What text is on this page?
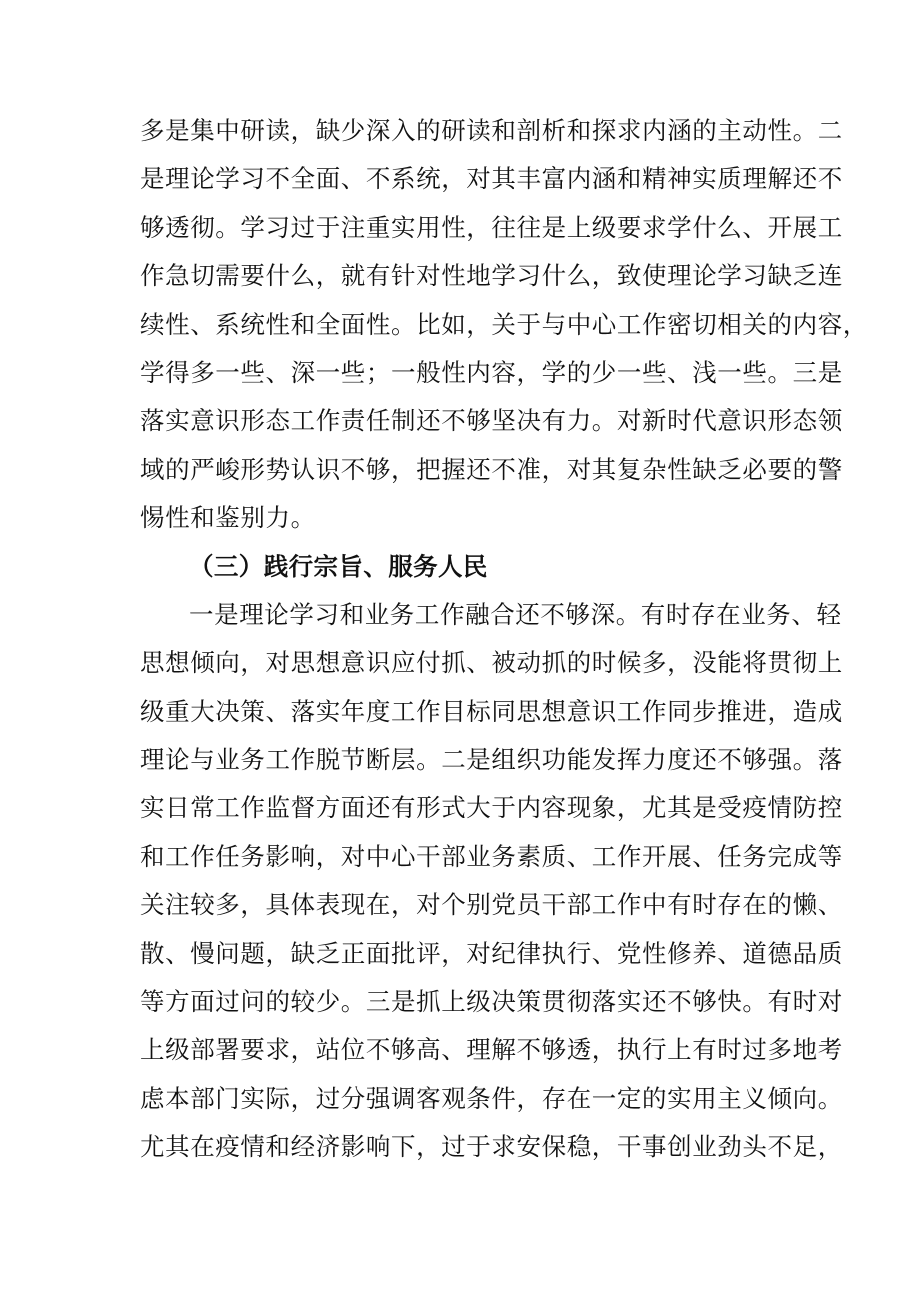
多是集中研读，缺少深入的研读和剖析和探求内涵的主动性。二
是理论学习不全面、不系统，对其丰富内涵和精神实质理解还不
够透彻。学习过于注重实用性，往往是上级要求学什么、开展工
作急切需要什么，就有针对性地学习什么，致使理论学习缺乏连
续性、系统性和全面性。比如，关于与中心工作密切相关的内容，
学得多一些、深一些；一般性内容，学的少一些、浅一些。三是
落实意识形态工作责任制还不够坚决有力。对新时代意识形态领
域的严峻形势认识不够，把握还不准，对其复杂性缺乏必要的警
惕性和鉴别力。
（三）践行宗旨、服务人民
一是理论学习和业务工作融合还不够深。有时存在业务、轻
思想倾向，对思想意识应付抓、被动抓的时候多，没能将贯彻上
级重大决策、落实年度工作目标同思想意识工作同步推进，造成
理论与业务工作脱节断层。二是组织功能发挥力度还不够强。落
实日常工作监督方面还有形式大于内容现象，尤其是受疫情防控
和工作任务影响，对中心干部业务素质、工作开展、任务完成等
关注较多，具体表现在，对个别党员干部工作中有时存在的懒、
散、慢问题，缺乏正面批评，对纪律执行、党性修养、道德品质
等方面过问的较少。三是抓上级决策贯彻落实还不够快。有时对
上级部署要求，站位不够高、理解不够透，执行上有时过多地考
虑本部门实际，过分强调客观条件，存在一定的实用主义倾向。
尤其在疫情和经济影响下，过于求安保稳，干事创业劲头不足，
